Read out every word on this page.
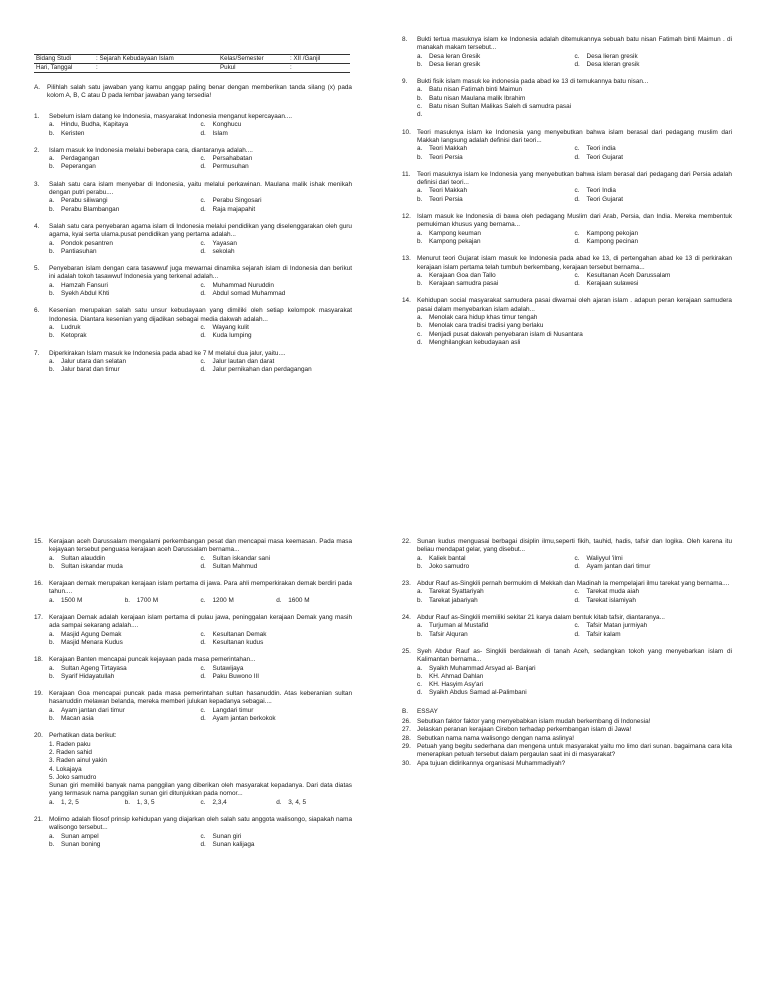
Bidang Studi	: Sejarah Kebudayaan Islam	Kelas/Semester	: XII /Ganjil
Hari, Tanggal	:	Pukul	:
A.	Pilihlah salah satu jawaban yang kamu anggap paling benar dengan memberikan tanda silang (x) pada kolom A, B, C atau D pada lembar jawaban yang tersedia!
1.	Sebelum islam datang ke Indonesia, masyarakat Indonesia menganut kepercayaan....
a.	Hindu, Budha, Kapitaya	c.	Konghucu
b.	Keristen	d.	Islam
2.	Islam masuk ke Indonesia melalui beberapa cara, diantaranya adalah....
a.	Perdagangan	c.	Persahabatan
b.	Peperangan	d.	Permusuhan
3.	Salah satu cara islam menyebar di Indonesia, yaitu melalui perkawinan. Maulana malik ishak menikah dengan putri perabu....
a.	Perabu siliwangi	c.	Perabu Singosari
b.	Perabu Blambangan	d.	Raja majapahit
4.	Salah satu cara penyebaran agama islam di Indonesia melalui pendidikan yang diselenggarakan oleh guru agama, kyai serta ulama.pusat pendidikan yang pertama adalah...
a.	Pondok pesantren	c.	Yayasan
b.	Pantiasuhan	d.	sekolah
5.	Penyebaran islam dengan cara tasawwuf juga mewarnai dinamika sejarah islam di Indonesia dan berikut ini adalah tokoh tasawwuf Indonesia yang terkenal adalah...
a.	Hamzah Fansuri	c.	Muhammad Nuruddin
b.	Syekh Abdul Khti	d.	Abdul somad Muhammad
6.	Kesenian merupakan salah satu unsur kebudayaan yang dimiliki oleh setiap kelompok masyarakat Indonesia. Diantara kesenian yang dijadikan sebagai media dakwah adalah...
a.	Ludruk	c.	Wayang kulit
b.	Ketoprak	d.	Kuda lumping
7.	Diperkirakan Islam masuk ke Indonesia pada abad ke 7 M melalui dua jalur, yaitu....
a.	Jalur utara dan selatan	c.	Jalur lautan dan darat
b.	Jalur barat dan timur	d.	Jalur pernikahan dan perdagangan
8.	Bukti tertua masuknya islam ke Indonesia adalah ditemukannya sebuah batu nisan Fatimah binti Maimun . di manakah makam tersebut...
a.	Desa leran Gresik	c.	Desa lieran gresik
b.	Desa lieran gresik	d.	Desa kleran gresik
9.	Bukti fisik islam masuk ke indonesia pada abad ke 13 di temukannya batu nisan...
a.	Batu nisan Fatimah binti Maimun
b.	Batu nisan Maulana malik Ibrahim
c.	Batu nisan Sultan Malikas Saleh di samudra pasai
d.
10. Teori masuknya islam ke Indonesia yang menyebutkan bahwa islam berasal dari pedagang muslim dari Makkah langsung adalah definisi dari teori...
a.	Teori Makkah	c.	Teori india
b.	Teori Persia	d.	Teori Gujarat
11.	Teori masuknya islam ke Indonesia yang menyebutkan bahwa islam berasal dari pedagang dari Persia adalah definisi dari teori...
a.	Teori Makkah	c.	Teori India
b.	Teori Persia	d.	Teori Gujarat
12. Islam masuk ke Indonesia di bawa oleh pedagang Muslim dari Arab, Persia, dan India. Mereka membentuk pemukiman khusus yang bernama...
a.	Kampong keuman	c.	Kampong pekojan
b.	Kampong pekajan	d.	Kampong pecinan
13. Menurut teori Gujarat islam masuk ke Indonesia pada abad ke 13, di pertengahan abad ke 13 di perkirakan kerajaan islam pertama telah tumbuh berkembang, kerajaan tersebut bernama...
a.	Kerajaan Goa dan Tallo	c.	Kesultanan Aceh Darussalam
b.	Kerajaan samudra pasai	d.	Kerajaan sulawesi
14. Kehidupan social masyarakat samudera pasai diwarnai oleh ajaran islam . adapun peran kerajaan samudera pasai dalam menyebarkan islam adalah...
a.	Menolak cara hidup khas timur tengah
b.	Menolak cara tradisi tradisi yang berlaku
c.	Menjadi pusat dakwah penyebaran islam di Nusantara
d.	Menghilangkan kebudayaan asli
15. Kerajaan aceh Darussalam mengalami perkembangan pesat dan mencapai masa keemasan. Pada masa kejayaan tersebut penguasa kerajaan aceh Darussalam bernama...
a.	Sultan alauddin	c.	Sultan iskandar sani
b.	Sultan iskandar muda	d.	Sultan Mahmud
16. Kerajaan demak merupakan kerajaan islam pertama di jawa. Para ahli memperkirakan demak berdiri pada tahun....
a.	1500 M	b.	1700 M	c.	1200 M	d.	1600 M
17. Kerajaan Demak adalah kerajaan islam pertama di pulau jawa, peninggalan kerajaan Demak yang masih ada sampai sekarang adalah....
a.	Masjid Agung Demak	c.	Kesultanan Demak
b.	Masjid Menara Kudus	d.	Kesultanan kudus
18. Kerajaan Banten mencapai puncak kejayaan pada masa pemerintahan...
a.	Sultan Ageng Tirtayasa	c.	Sutawijaya
b.	Syarif Hidayatullah	d.	Paku Buwono III
19. Kerajaan Goa mencapai puncak pada masa pemerintahan sultan hasanuddin. Atas keberanian sultan hasanuddin melawan belanda, mereka memberi julukan kepadanya sebagai....
a.	Ayam jantan dari timur	c.	Langdari timur
b.	Macan asia	d.	Ayam jantan berkokok
20. Perhatikan data berikut:
1. Raden paku
2. Raden sahid
3. Raden ainul yakin
4. Lokajaya
5. Joko samudro
Sunan giri memiliki banyak nama panggilan yang diberikan oleh masyarakat kepadanya. Dari data diatas yang termasuk nama panggilan sunan giri ditunjukkan pada nomor...
a.	1, 2, 5	b.	1, 3, 5	c.	2,3,4	d.	3, 4, 5
21. Molimo adalah filosof prinsip kehidupan yang diajarkan oleh salah satu anggota walisongo, siapakah nama walisongo tersebut...
a.	Sunan ampel	c.	Sunan giri
b.	Sunan boning	d.	Sunan kalijaga
22. Sunan kudus menguasai berbagai disiplin ilmu,seperti fikih, tauhid, hadis, tafsir dan logika. Oleh karena itu beliau mendapat gelar, yang disebut...
a.	Kaliek bantal	c.	Waliyyul 'ilmi
b.	Joko samudro	d.	Ayam jantan dari timur
23. Abdur Rauf as-Singkili pernah bermukim di Mekkah dan Madinah la mempelajari ilmu tarekat yang bernama....
a.	Tarekat Syattariyah	c.	Tarekat muda aiah
b.	Tarekat jabariyah	d.	Tarekat islamiyah
24. Abdur Rauf as-Singkili memiliki sekitar 21 karya dalam bentuk kitab tafsir, diantaranya...
a.	Turjuman al Mustafid	c.	Tafsir Matan jurmiyah
b.	Tafsir Alquran	d.	Tafsir kalam
25. Syeh Abdur Rauf as- Singkili berdakwah di tanah Aceh, sedangkan tokoh yang menyebarkan islam di Kalimantan bernama...
a.	Syaikh Muhammad Arsyad al- Banjari
b.	KH. Ahmad Dahlan
c.	KH. Hasyim Asy'ari
d.	Syaikh Abdus Samad al-Palimbani
B.	ESSAY
26. Sebutkan faktor faktor yang menyebabkan islam mudah berkembang di Indonesia!
27. Jelaskan peranan kerajaan Cirebon terhadap perkembangan islam di Jawa!
28. Sebutkan nama nama walisongo dengan nama aslinya!
29. Petuah yang begitu sederhana dan mengena untuk masyarakat yaitu mo limo dari sunan. bagaimana cara kita menerapkan petuah tersebut dalam pergaulan saat ini di masyarakat?
30. Apa tujuan didirikannya organisasi Muhammadiyah?
